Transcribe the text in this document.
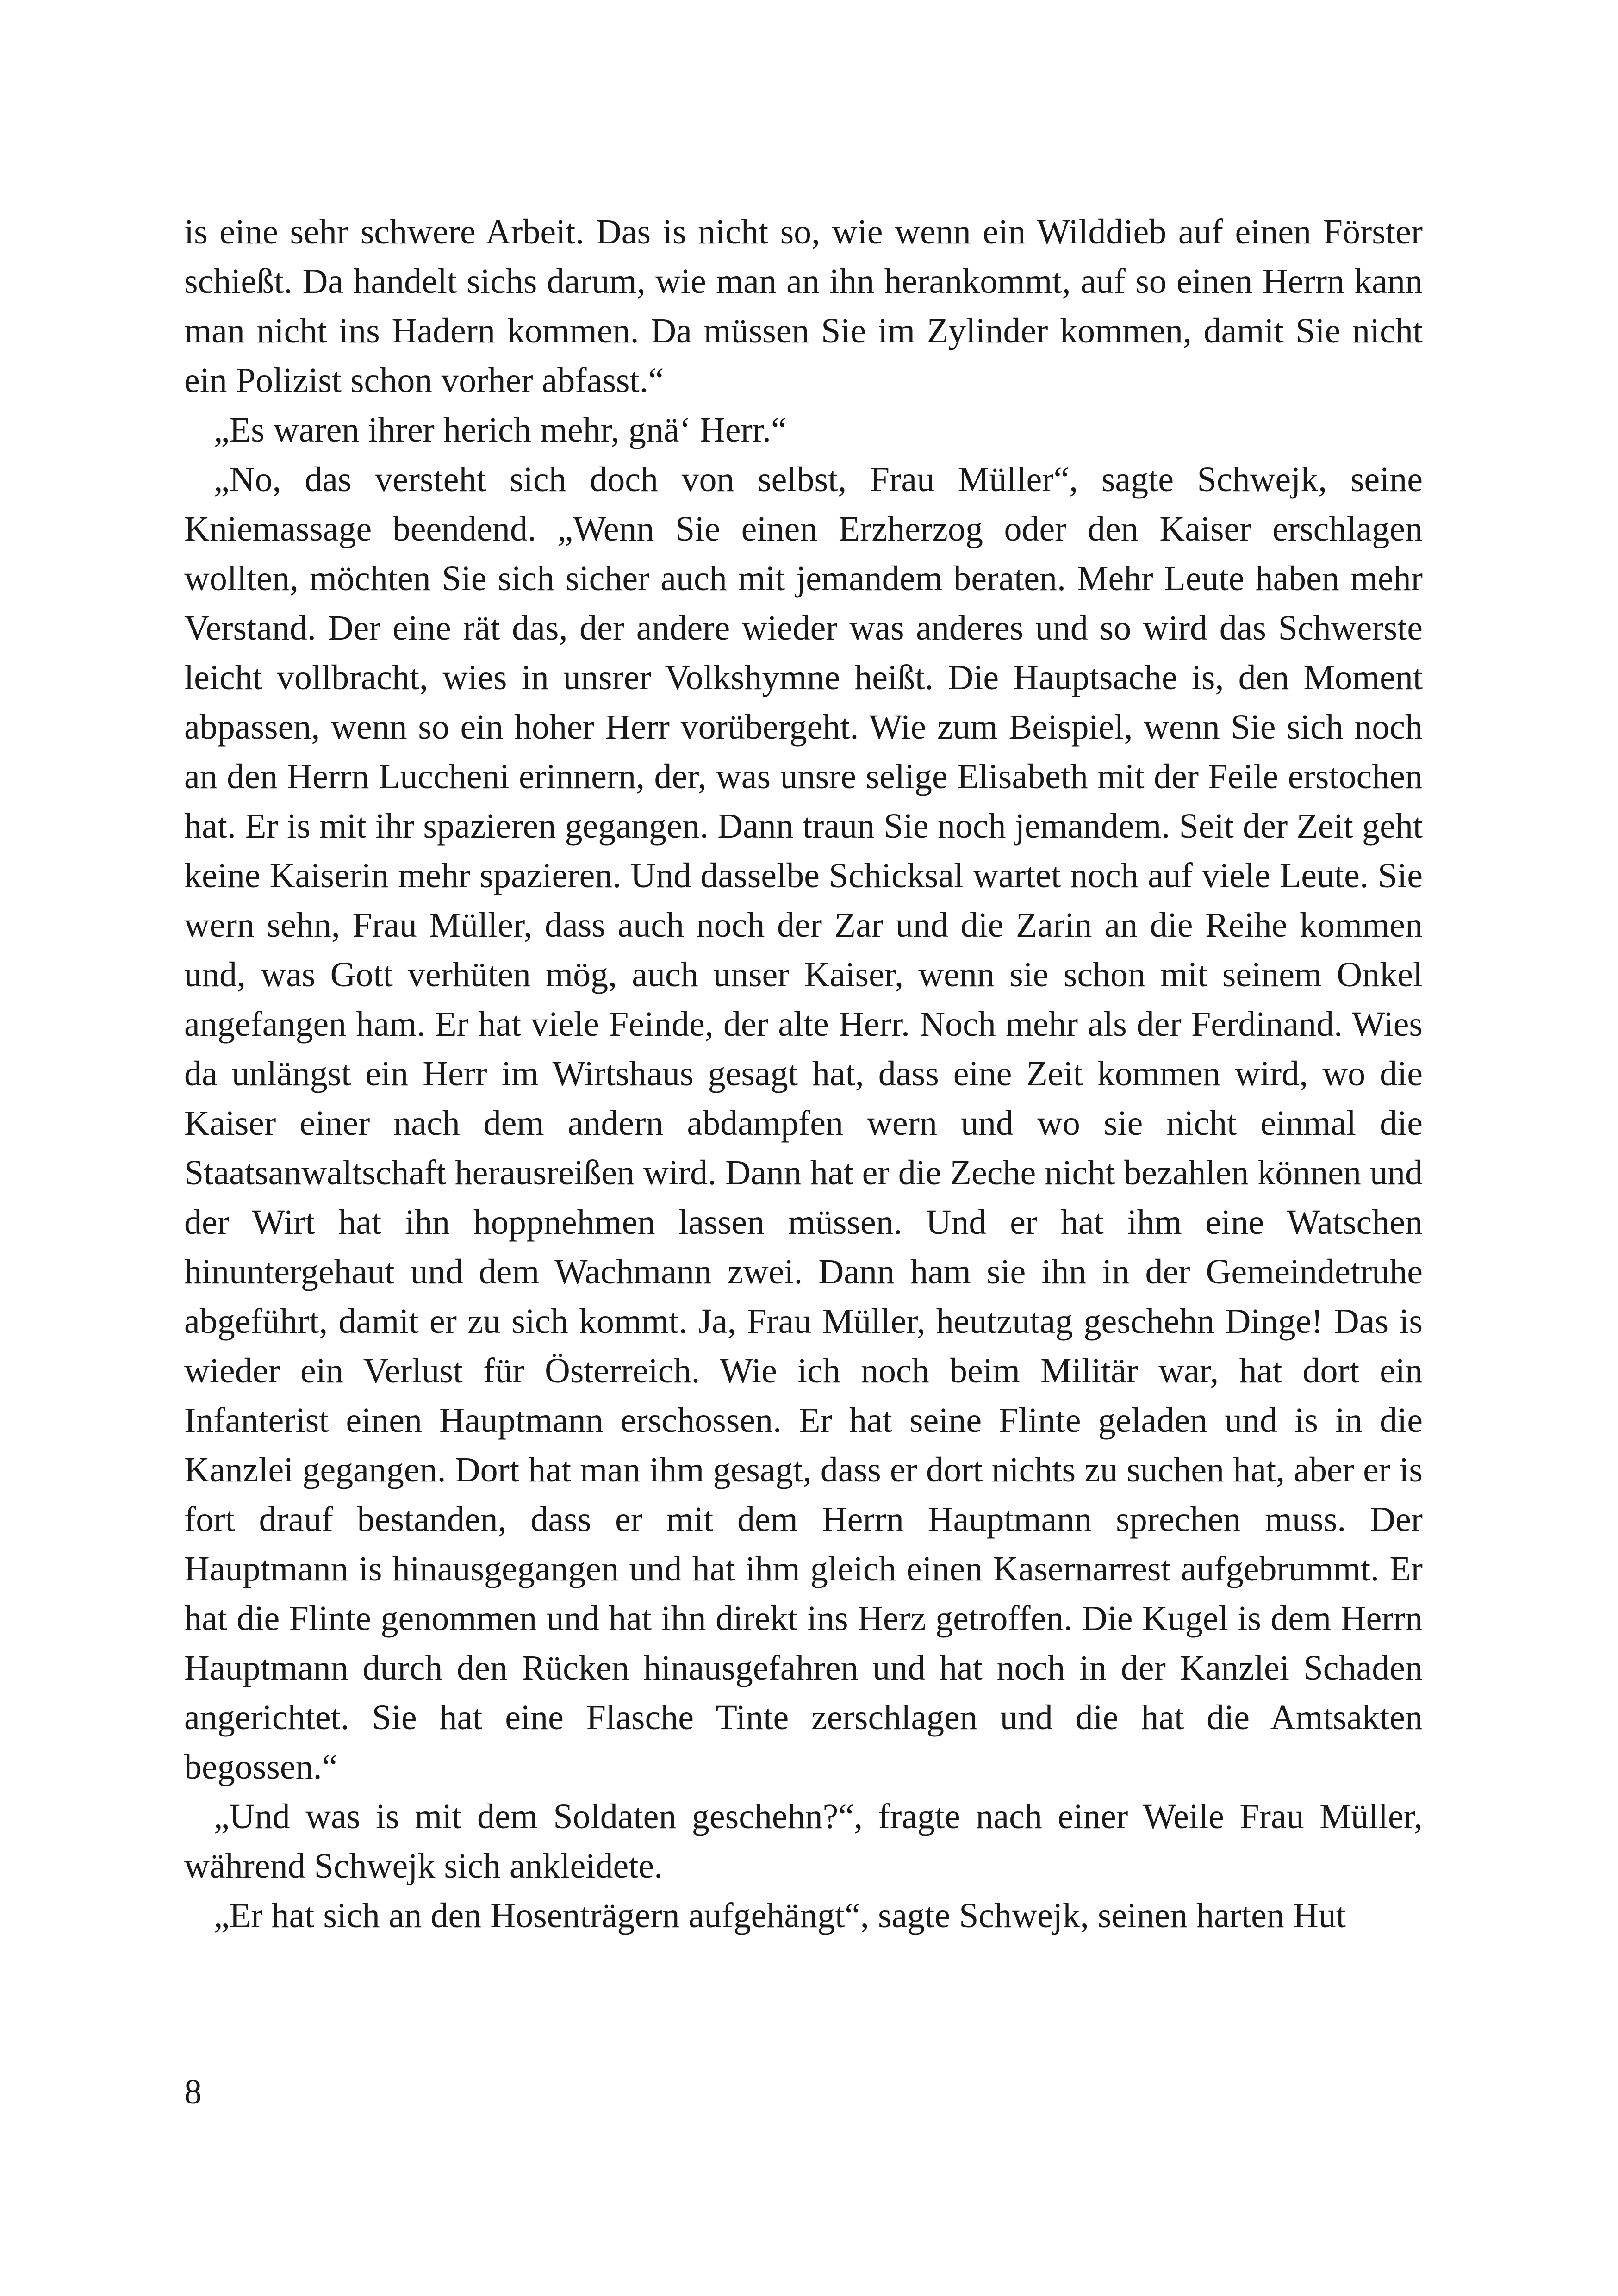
is eine sehr schwere Arbeit. Das is nicht so, wie wenn ein Wilddieb auf einen Förster schießt. Da handelt sichs darum, wie man an ihn herankommt, auf so einen Herrn kann man nicht ins Hadern kommen. Da müssen Sie im Zylinder kommen, damit Sie nicht ein Polizist schon vorher abfasst.“

„Es waren ihrer herich mehr, gnä‘ Herr.“

„No, das versteht sich doch von selbst, Frau Müller“, sagte Schwejk, seine Kniemassage beendend. „Wenn Sie einen Erzherzog oder den Kaiser erschlagen wollten, möchten Sie sich sicher auch mit jemandem beraten. Mehr Leute haben mehr Verstand. Der eine rät das, der andere wieder was anderes und so wird das Schwerste leicht vollbracht, wies in unsrer Volkshymne heißt. Die Hauptsache is, den Moment abpassen, wenn so ein hoher Herr vorübergeht. Wie zum Beispiel, wenn Sie sich noch an den Herrn Luccheni erinnern, der, was unsre selige Elisabeth mit der Feile erstochen hat. Er is mit ihr spazieren gegangen. Dann traun Sie noch jemandem. Seit der Zeit geht keine Kaiserin mehr spazieren. Und dasselbe Schicksal wartet noch auf viele Leute. Sie wern sehn, Frau Müller, dass auch noch der Zar und die Zarin an die Reihe kommen und, was Gott verhüten mög, auch unser Kaiser, wenn sie schon mit seinem Onkel angefangen ham. Er hat viele Feinde, der alte Herr. Noch mehr als der Ferdinand. Wies da unlängst ein Herr im Wirtshaus gesagt hat, dass eine Zeit kommen wird, wo die Kaiser einer nach dem andern abdampfen wern und wo sie nicht einmal die Staatsanwaltschaft herausreißen wird. Dann hat er die Zeche nicht bezahlen können und der Wirt hat ihn hoppnehmen lassen müssen. Und er hat ihm eine Watschen hinuntergehaut und dem Wachmann zwei. Dann ham sie ihn in der Gemeindetruhe abgeführt, damit er zu sich kommt. Ja, Frau Müller, heutzutag geschehn Dinge! Das is wieder ein Verlust für Österreich. Wie ich noch beim Militär war, hat dort ein Infanterist einen Hauptmann erschossen. Er hat seine Flinte geladen und is in die Kanzlei gegangen. Dort hat man ihm gesagt, dass er dort nichts zu suchen hat, aber er is fort drauf bestanden, dass er mit dem Herrn Hauptmann sprechen muss. Der Hauptmann is hinausgegangen und hat ihm gleich einen Kasernarrest aufgebrummt. Er hat die Flinte genommen und hat ihn direkt ins Herz getroffen. Die Kugel is dem Herrn Hauptmann durch den Rücken hinausgefahren und hat noch in der Kanzlei Schaden angerichtet. Sie hat eine Flasche Tinte zerschlagen und die hat die Amtsakten begossen.“

„Und was is mit dem Soldaten geschehn?“, fragte nach einer Weile Frau Müller, während Schwejk sich ankleidete.

„Er hat sich an den Hosenträgern aufgehängt“, sagte Schwejk, seinen harten Hut

8
